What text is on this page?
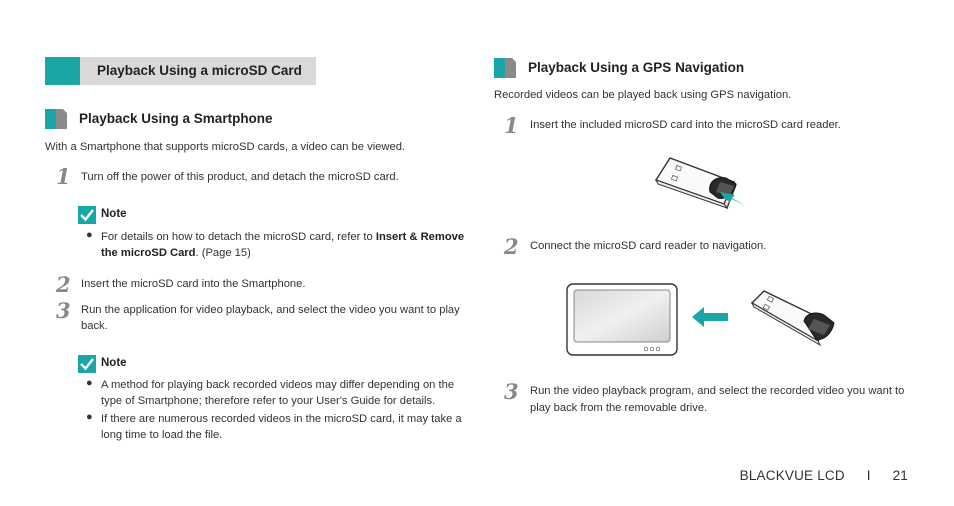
Playback Using a microSD Card
Playback Using a Smartphone
With a Smartphone that supports microSD cards, a video can be viewed.
1 Turn off the power of this product, and detach the microSD card.
Note
● For details on how to detach the microSD card, refer to Insert & Remove
the microSD Card. (Page 15)
2 Insert the microSD card into the Smartphone.
3 Run the application for video playback, and select the video you want to play
back.
Note
● A method for playing back recorded videos may differ depending on the
type of Smartphone; therefore refer to your User's Guide for details.
● If there are numerous recorded videos in the microSD card, it may take a
long time to load the file.
Playback Using a GPS Navigation
Recorded videos can be played back using GPS navigation.
1 Insert the included microSD card into the microSD card reader.
2 Connect the microSD card reader to navigation.
3 Run the video playback program, and select the recorded video you want to
play back from the removable drive.
BLACKVUE LCD I 21
